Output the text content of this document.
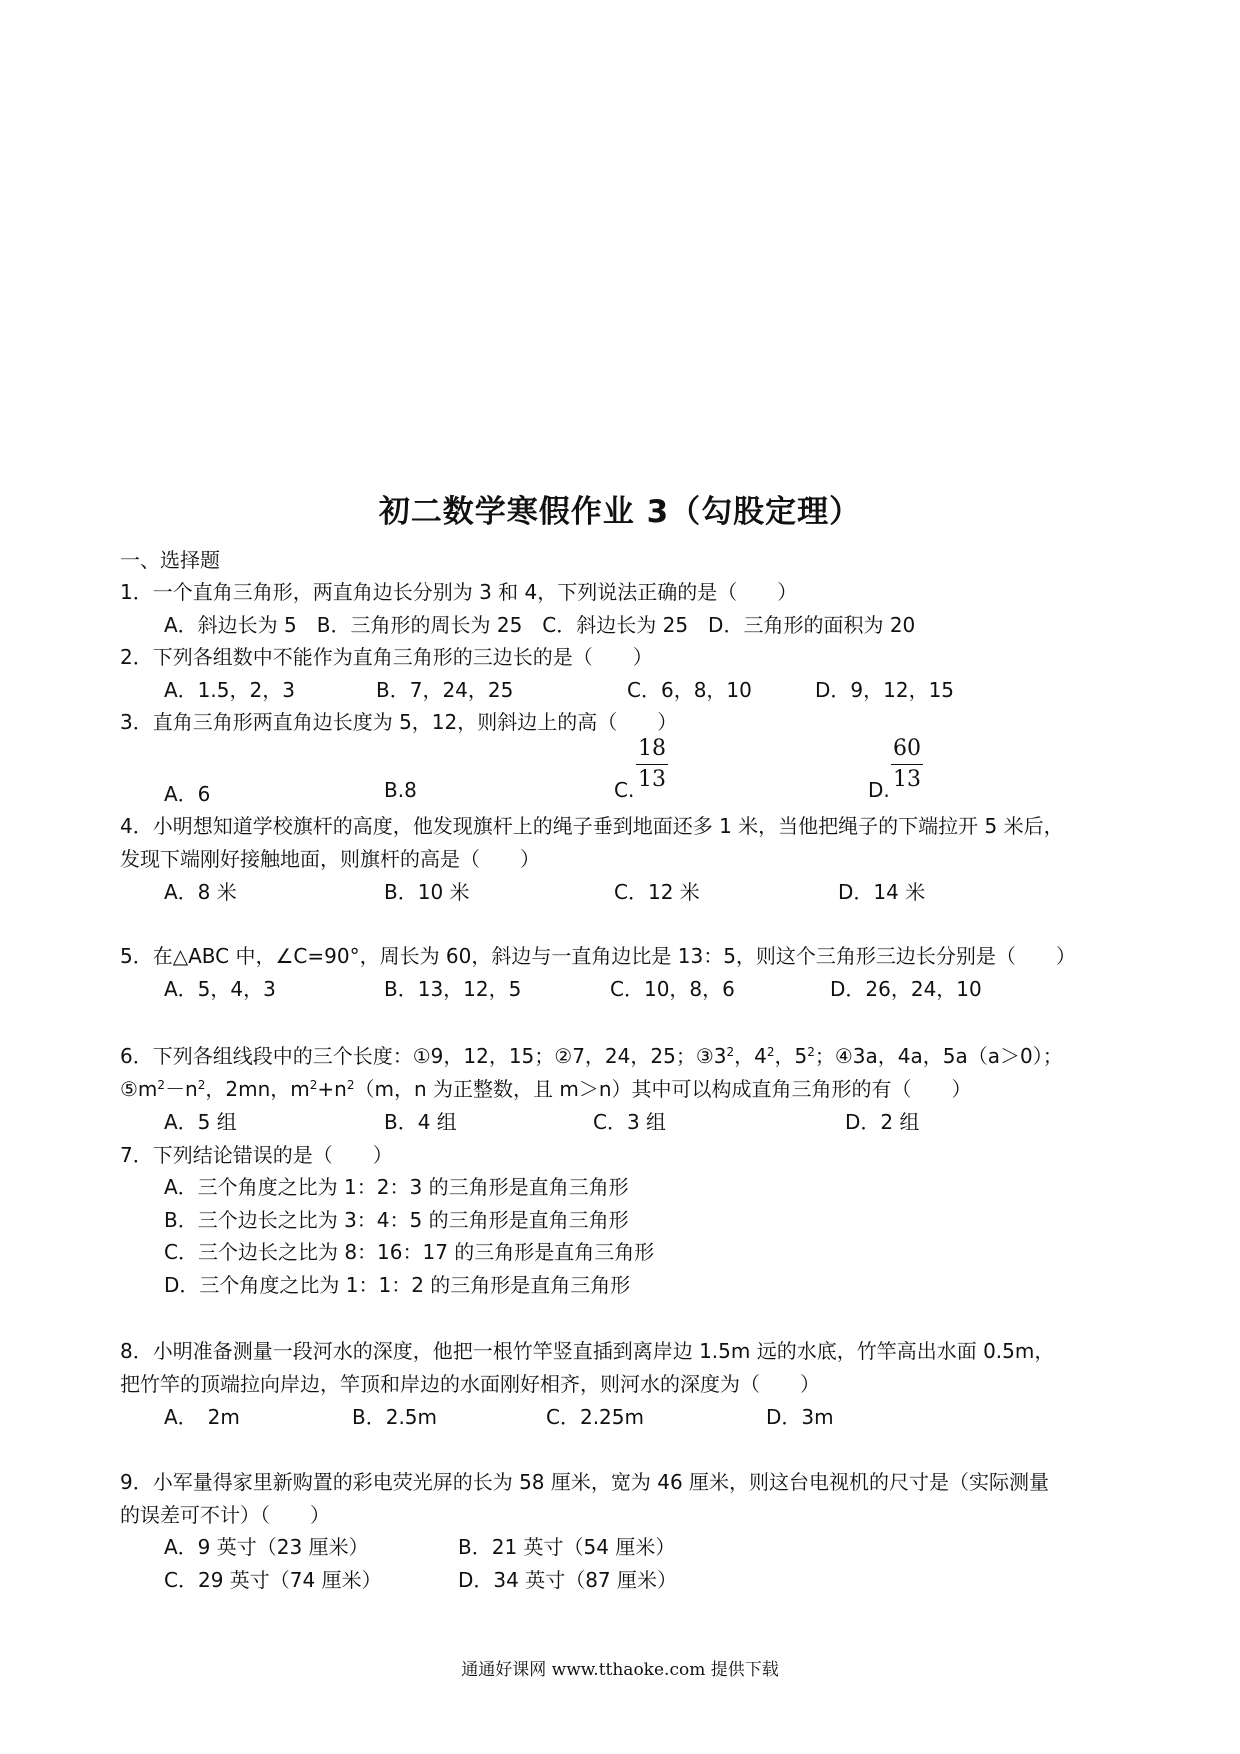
初二数学寒假作业 3（勾股定理）
一、选择题
1．一个直角三角形，两直角边长分别为 3 和 4，下列说法正确的是（　　）
A．斜边长为 5　B．三角形的周长为 25　C．斜边长为 25　D．三角形的面积为 20
2．下列各组数中不能作为直角三角形的三边长的是（　　）
A．1.5，2，3	B．7，24，25	C．6，8，10	D．9，12，15
3．直角三角形两直角边长度为 5，12，则斜边上的高（　　）
A．6	B.8	C. $\frac{18}{13}$	D. $\frac{60}{13}$
4．小明想知道学校旗杆的高度，他发现旗杆上的绳子垂到地面还多 1 米，当他把绳子的下端拉开 5 米后，
发现下端刚好接触地面，则旗杆的高是（　　）
A．8 米	B．10 米	C．12 米	D．14 米
5．在△ABC 中，∠C=90°，周长为 60，斜边与一直角边比是 13：5，则这个三角形三边长分别是（　　）
A．5，4，3	B．13，12，5	C．10，8，6	D．26，24，10
6．下列各组线段中的三个长度：①9，12，15；②7，24，25；$③3^2$，$4^2$，$5^2$；④3a，4a，5a（a＞0）；
$⑤m^2-n^2$，2mn，$m^2+n^2(m$，n 为正整数，且 m＞n）其中可以构成直角三角形的有（　　）
A．5 组	B．4 组	C．3 组	D．2 组
7．下列结论错误的是（　　）
A．三个角度之比为 1：2：3 的三角形是直角三角形
B．三个边长之比为 3：4：5 的三角形是直角三角形
C．三个边长之比为 8：16：17 的三角形是直角三角形
D．三个角度之比为 1：1：2 的三角形是直角三角形
8．小明准备测量一段河水的深度，他把一根竹竿竖直插到离岸边 1.5m 远的水底，竹竿高出水面 0.5m，
把竹竿的顶端拉向岸边，竿顶和岸边的水面刚好相齐，则河水的深度为（　　）
A．　2m	B．2.5m	C．2.25m	D．3m
9．小军量得家里新购置的彩电荧光屏的长为 58 厘米，宽为 46 厘米，则这台电视机的尺寸是（实际测量
的误差可不计）（　　）
A．9 英寸（23 厘米）	B．21 英寸（54 厘米）
C．29 英寸（74 厘米）	D．34 英寸（87 厘米）
通通好课网 www.tthaoke.com 提供下载
